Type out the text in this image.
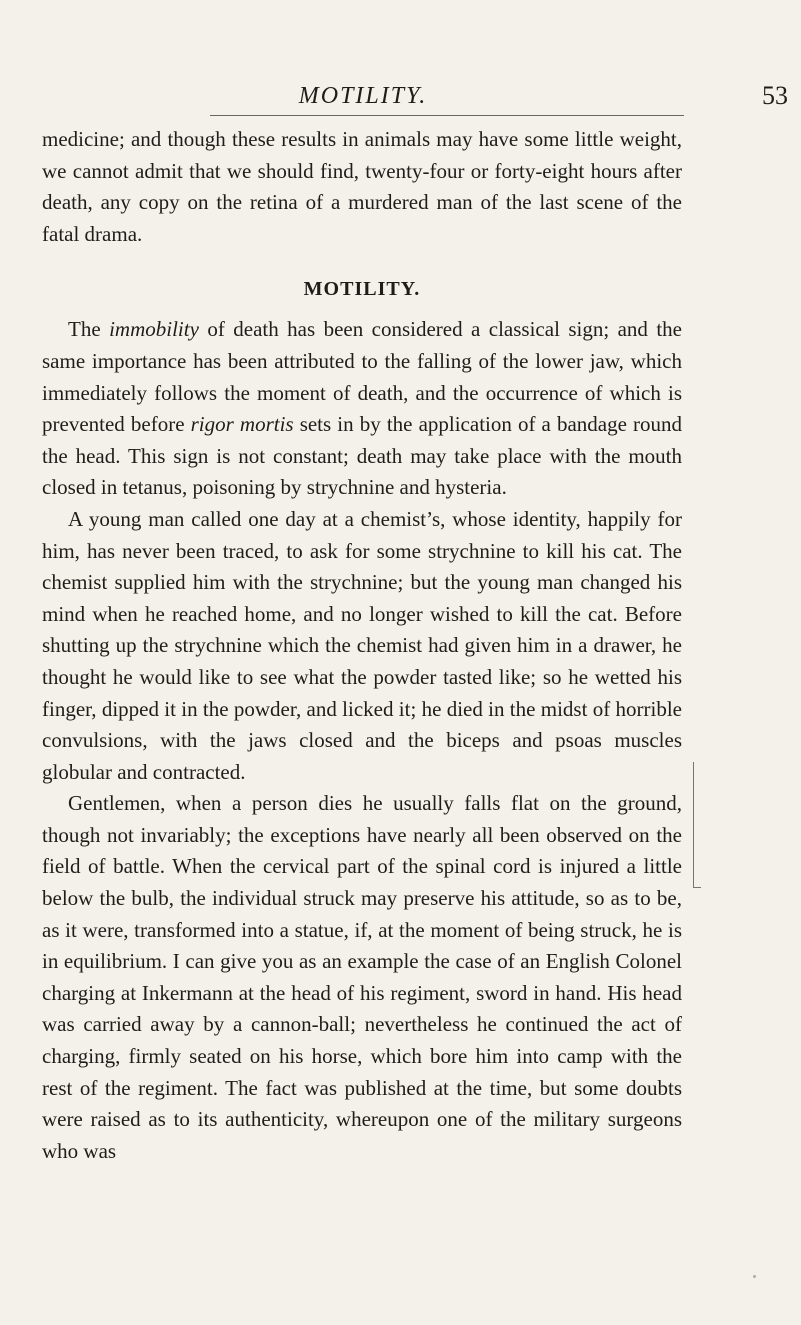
MOTILITY.	53

medicine; and though these results in animals may have some little weight, we cannot admit that we should find, twenty-four or forty-eight hours after death, any copy on the retina of a murdered man of the last scene of the fatal drama.

MOTILITY.

The immobility of death has been considered a classical sign; and the same importance has been attributed to the falling of the lower jaw, which immediately follows the moment of death, and the occurrence of which is prevented before rigor mortis sets in by the application of a bandage round the head. This sign is not constant; death may take place with the mouth closed in tetanus, poisoning by strychnine and hysteria.

A young man called one day at a chemist’s, whose identity, happily for him, has never been traced, to ask for some strychnine to kill his cat. The chemist supplied him with the strychnine; but the young man changed his mind when he reached home, and no longer wished to kill the cat. Before shutting up the strychnine which the chemist had given him in a drawer, he thought he would like to see what the powder tasted like; so he wetted his finger, dipped it in the powder, and licked it; he died in the midst of horrible convulsions, with the jaws closed and the biceps and psoas muscles globular and contracted.

Gentlemen, when a person dies he usually falls flat on the ground, though not invariably; the exceptions have nearly all been observed on the field of battle. When the cervical part of the spinal cord is injured a little below the bulb, the individual struck may preserve his attitude, so as to be, as it were, transformed into a statue, if, at the moment of being struck, he is in equilibrium. I can give you as an example the case of an English Colonel charging at Inkermann at the head of his regiment, sword in hand. His head was carried away by a cannon-ball; nevertheless he continued the act of charging, firmly seated on his horse, which bore him into camp with the rest of the regiment. The fact was published at the time, but some doubts were raised as to its authenticity, whereupon one of the military surgeons who was
